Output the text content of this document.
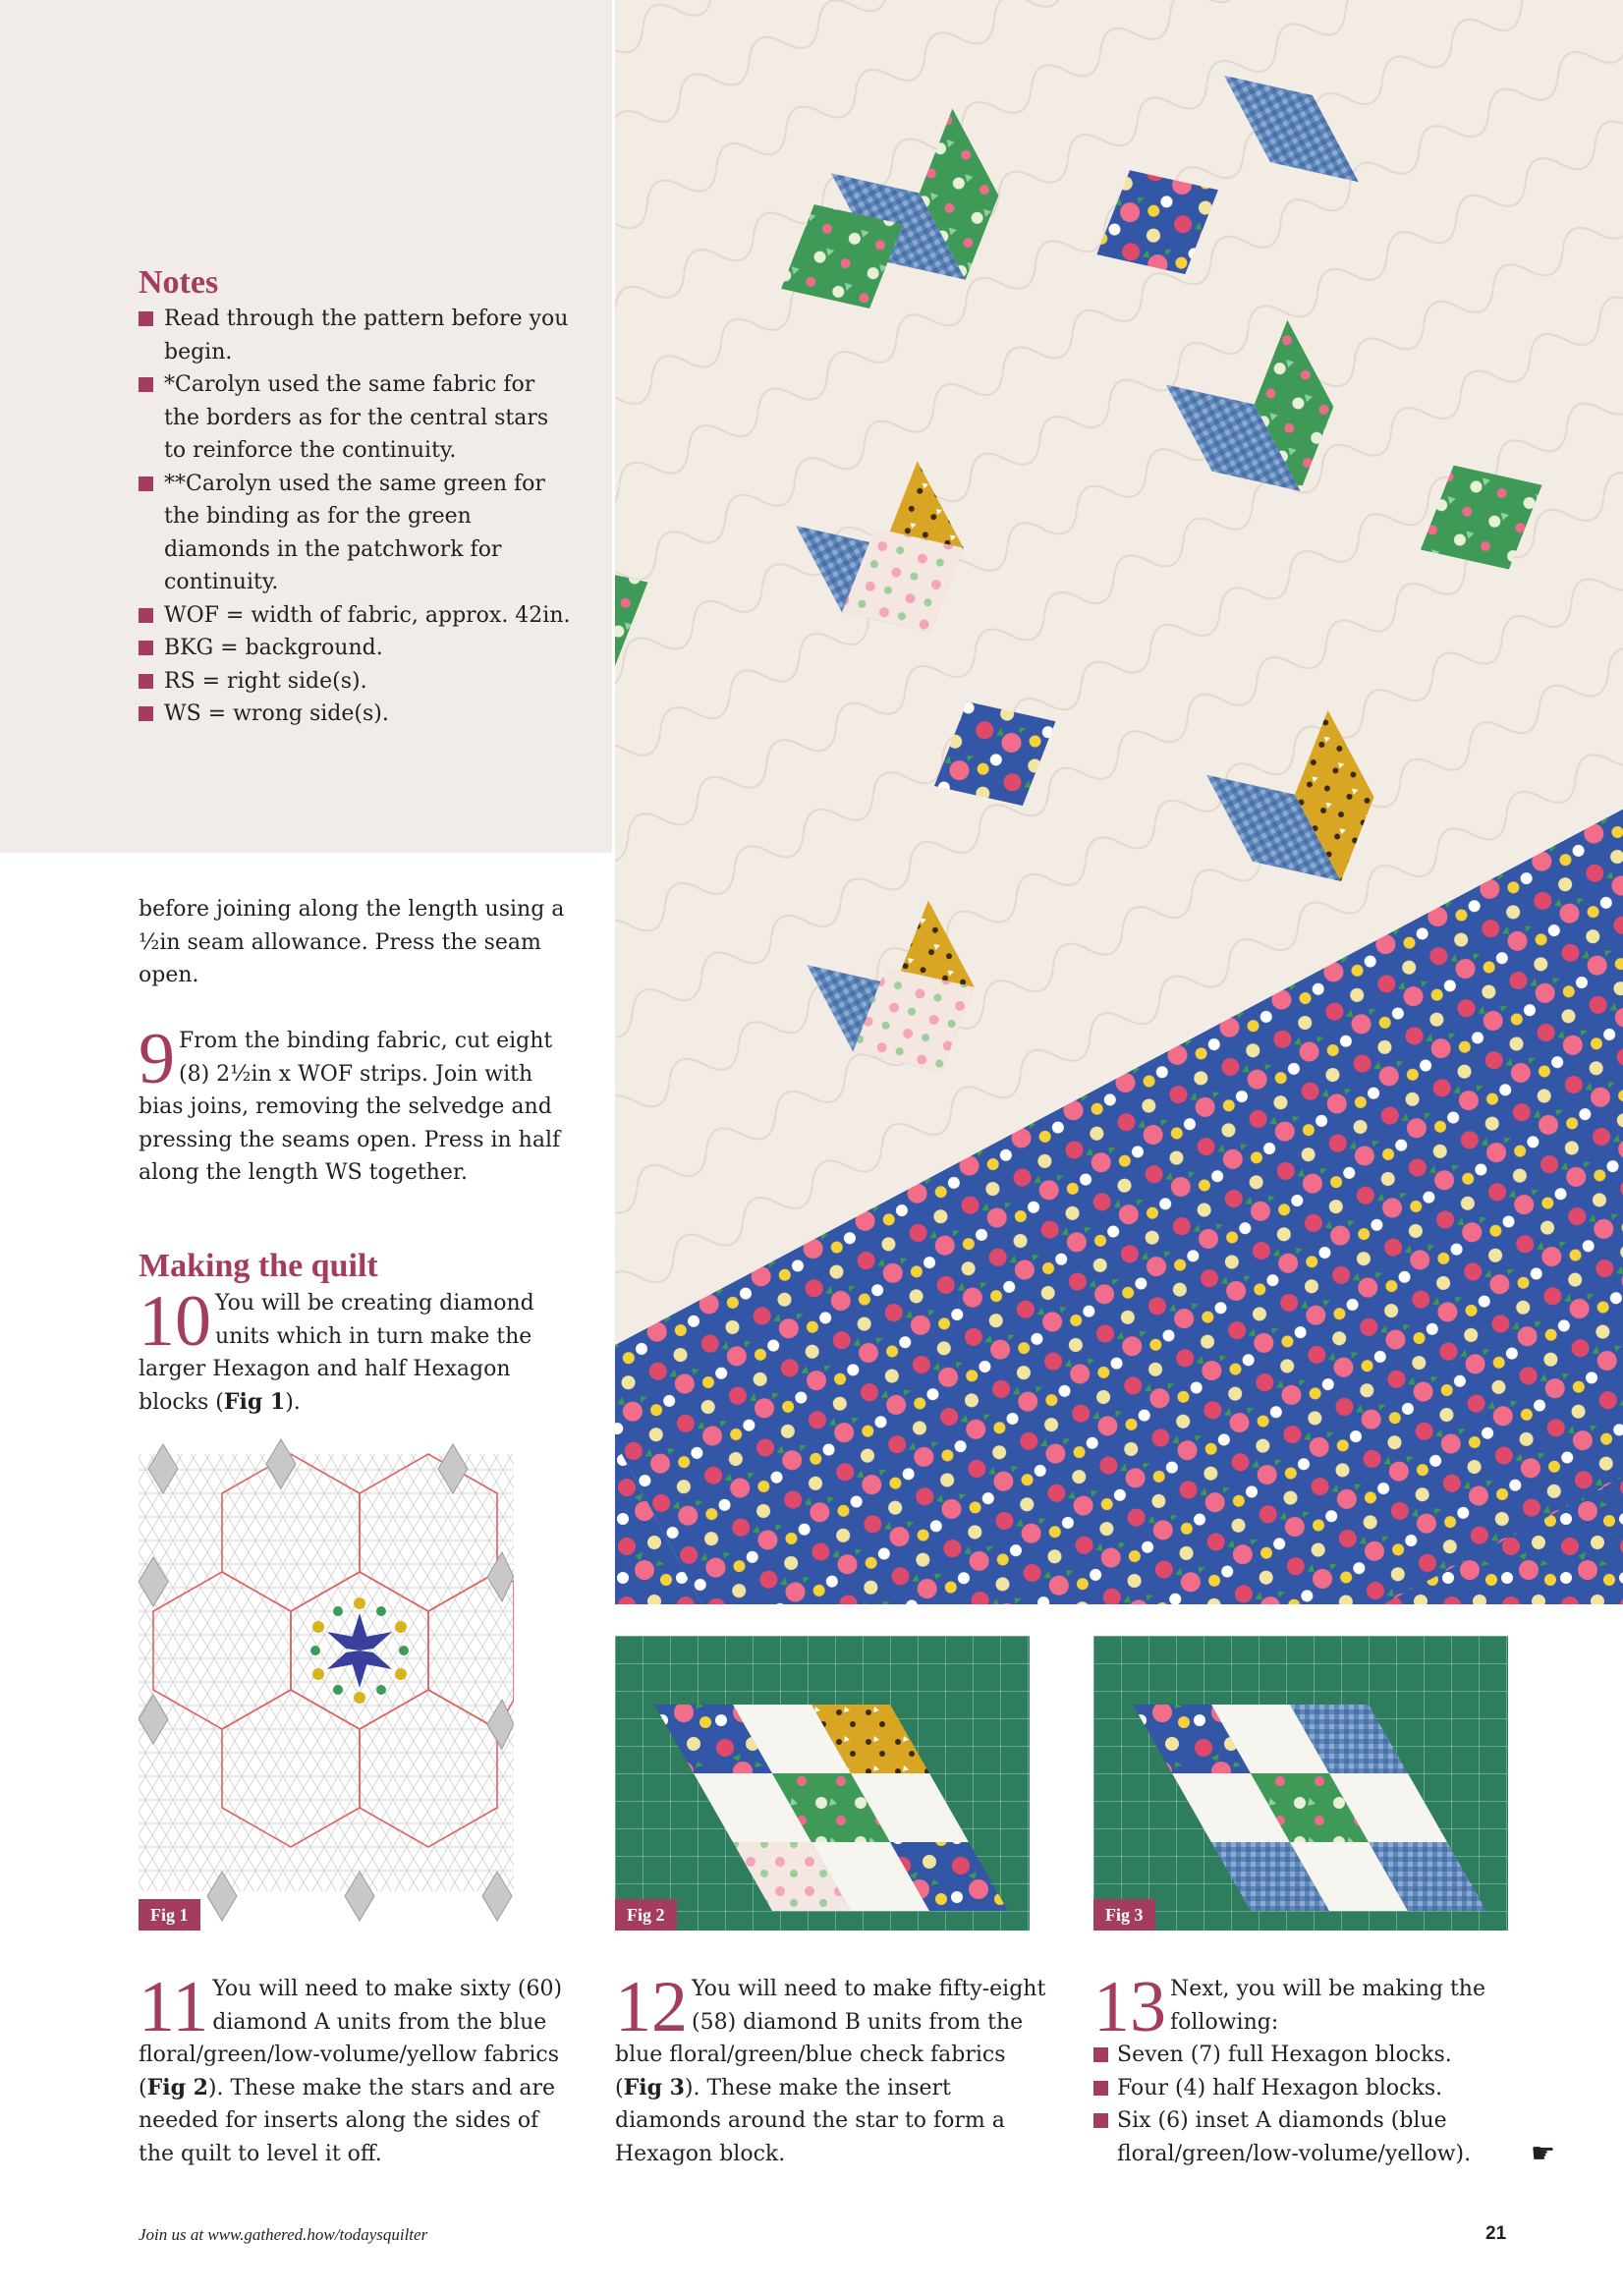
Notes
Read through the pattern before you begin.
*Carolyn used the same fabric for the borders as for the central stars to reinforce the continuity.
**Carolyn used the same green for the binding as for the green diamonds in the patchwork for continuity.
WOF = width of fabric, approx. 42in.
BKG = background.
RS = right side(s).
WS = wrong side(s).

before joining along the length using a ½in seam allowance. Press the seam open.

9 From the binding fabric, cut eight (8) 2½in x WOF strips. Join with bias joins, removing the selvedge and pressing the seams open. Press in half along the length WS together.

Making the quilt
10 You will be creating diamond units which in turn make the larger Hexagon and half Hexagon blocks (Fig 1).

Fig 1	Fig 2	Fig 3
11 You will need to make sixty (60) diamond A units from the blue floral/green/low-volume/yellow fabrics (Fig 2). These make the stars and are needed for inserts along the sides of the quilt to level it off.

12 You will need to make fifty-eight (58) diamond B units from the blue floral/green/blue check fabrics (Fig 3). These make the insert diamonds around the star to form a Hexagon block.

13 Next, you will be making the following:

Seven (7) full Hexagon blocks.
Four (4) half Hexagon blocks.
Six (6) inset A diamonds (blue floral/green/low-volume/yellow).	☛
Join us at www.gathered.how/todaysquilter	21
